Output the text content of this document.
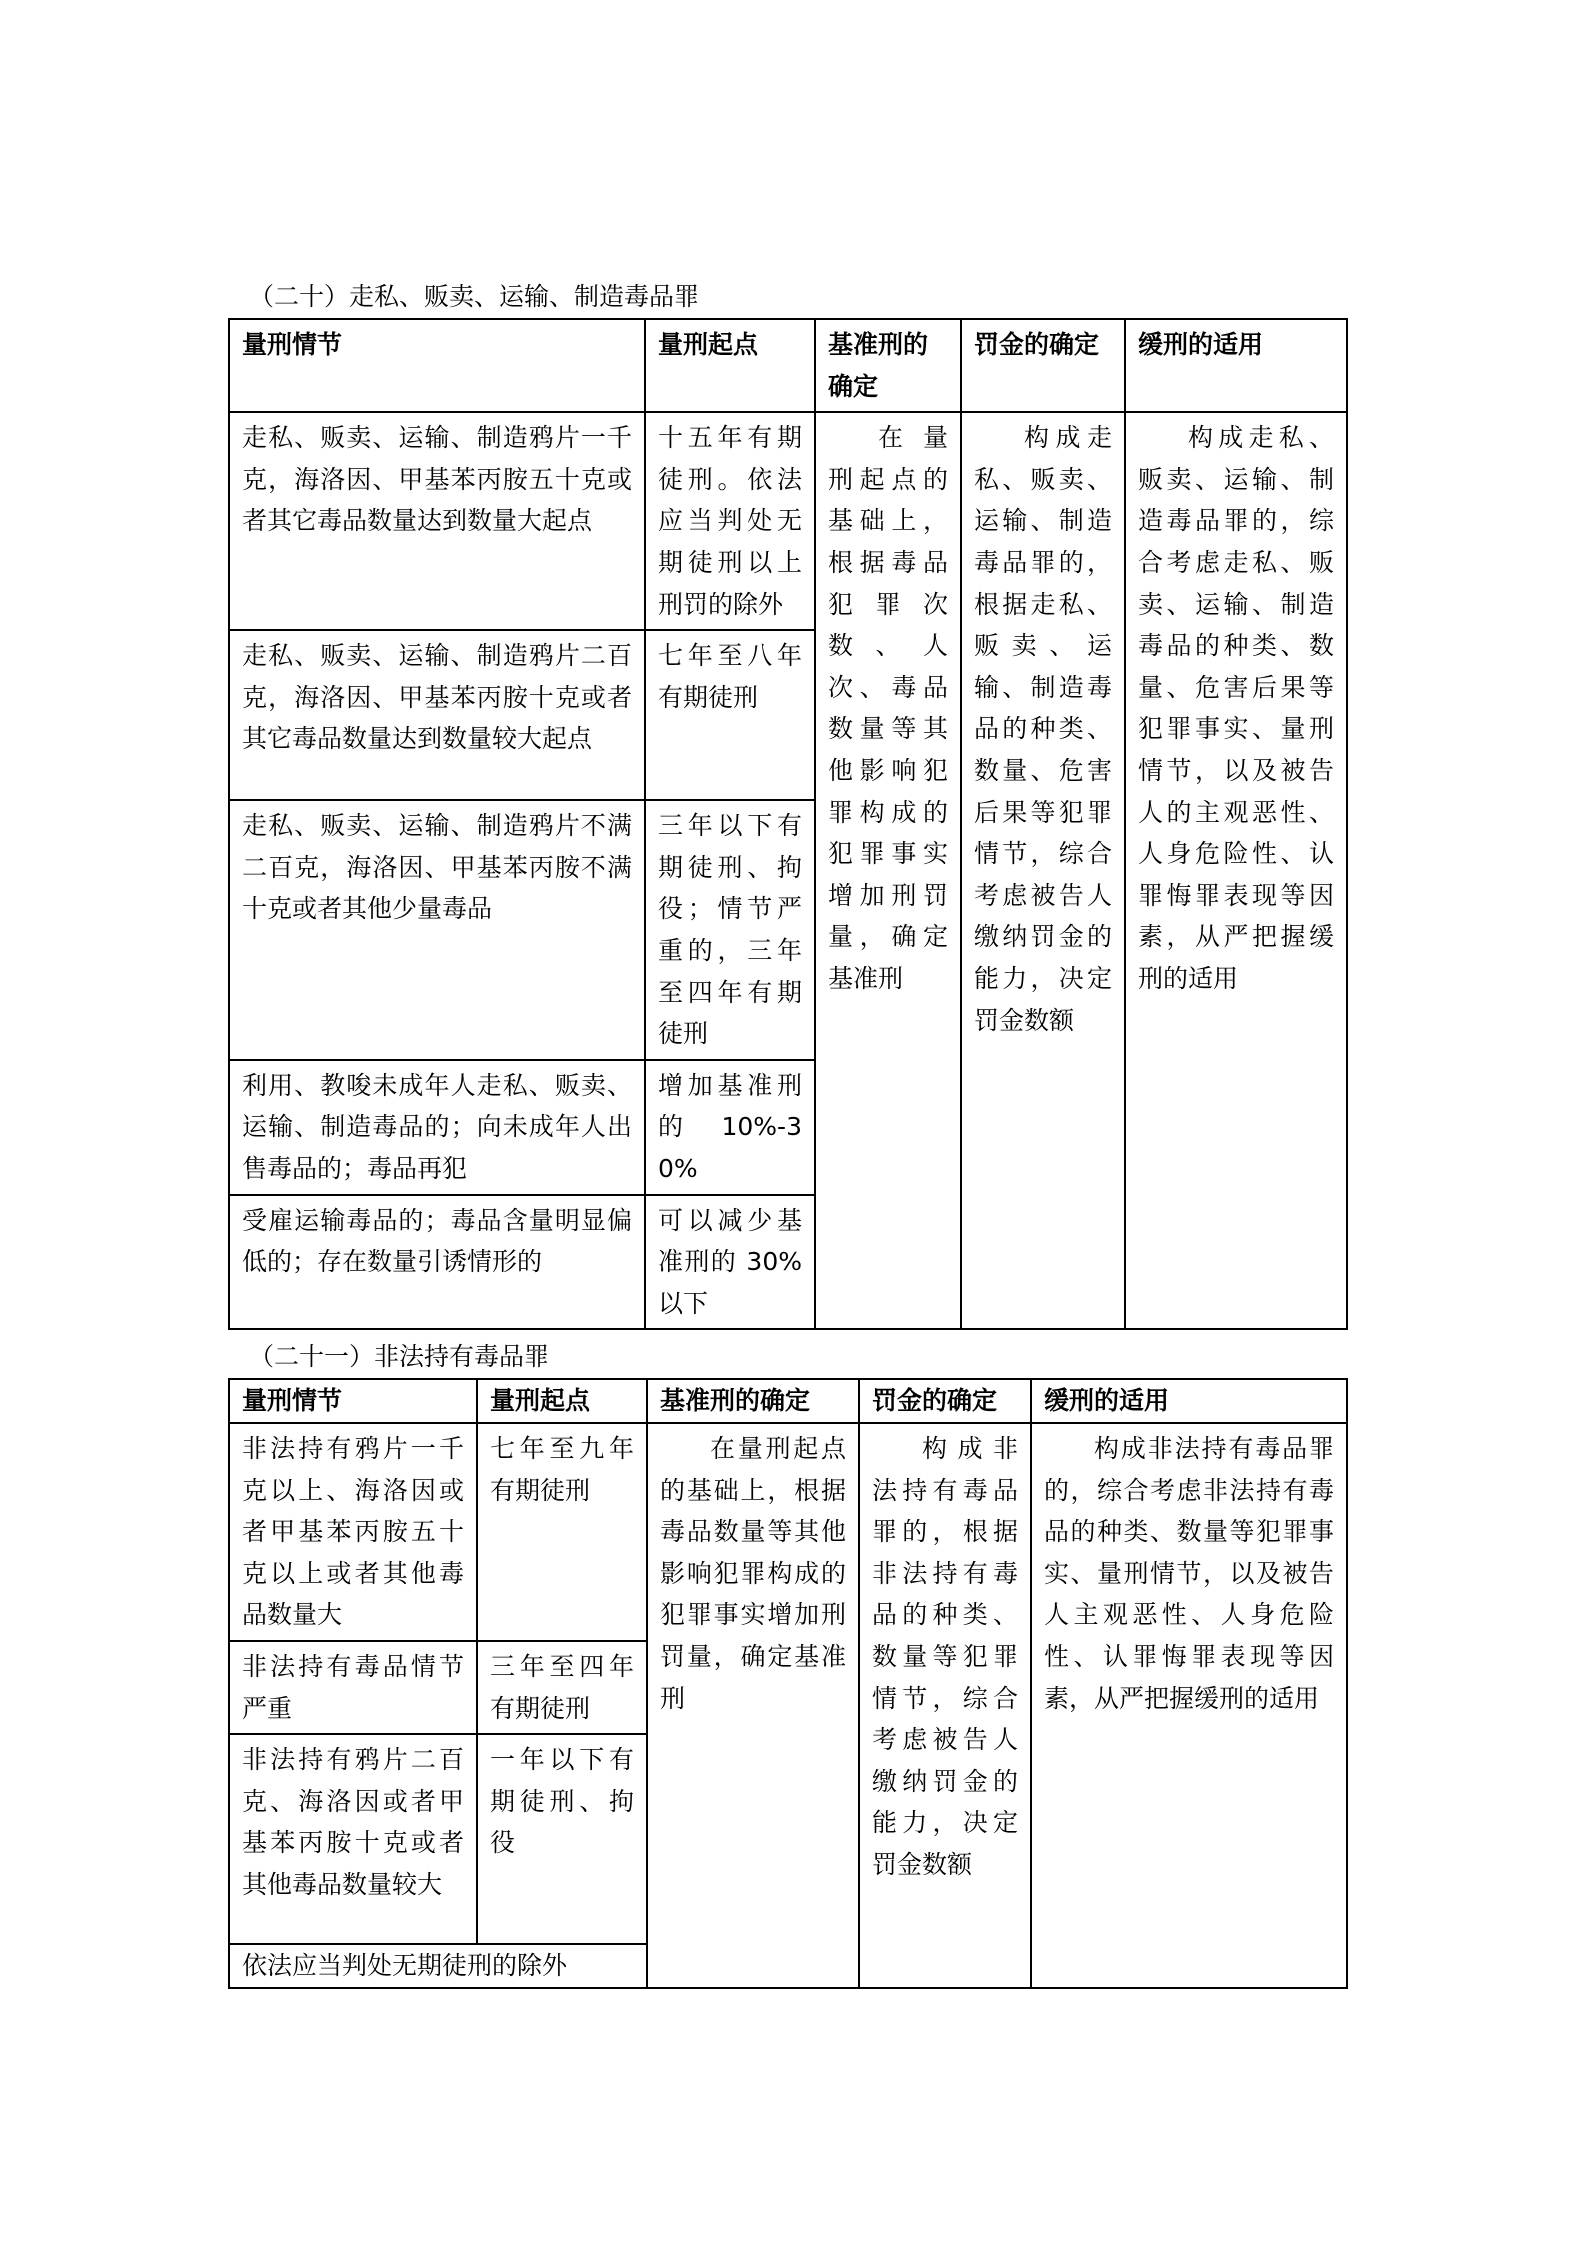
（二十）走私、贩卖、运输、制造毒品罪
量刑情节	量刑起点	基准刑的确定	罚金的确定	缓刑的适用
走私、贩卖、运输、制造鸦片一千克，海洛因、甲基苯丙胺五十克或者其它毒品数量达到数量大起点	十五年有期徒刑。依法应当判处无期徒刑以上刑罚的除外	在量刑起点的基础上，根据毒品犯罪次数、人次、毒品数量等其他影响犯罪构成的犯罪事实增加刑罚量，确定基准刑	构成走私、贩卖、运输、制造毒品罪的，根据走私、贩卖、运输、制造毒品的种类、数量、危害后果等犯罪情节，综合考虑被告人缴纳罚金的能力，决定罚金数额	构成走私、贩卖、运输、制造毒品罪的，综合考虑走私、贩卖、运输、制造毒品的种类、数量、危害后果等犯罪事实、量刑情节，以及被告人的主观恶性、人身危险性、认罪悔罪表现等因素，从严把握缓刑的适用
走私、贩卖、运输、制造鸦片二百克，海洛因、甲基苯丙胺十克或者其它毒品数量达到数量较大起点	七年至八年有期徒刑			
走私、贩卖、运输、制造鸦片不满二百克，海洛因、甲基苯丙胺不满十克或者其他少量毒品	三年以下有期徒刑、拘役；情节严重的，三年至四年有期徒刑			
利用、教唆未成年人走私、贩卖、运输、制造毒品的；向未成年人出售毒品的；毒品再犯	增加基准刑的 10%-30%			
受雇运输毒品的；毒品含量明显偏低的；存在数量引诱情形的	可以减少基准刑的 30%以下			
（二十一）非法持有毒品罪
量刑情节	量刑起点	基准刑的确定	罚金的确定	缓刑的适用
非法持有鸦片一千克以上、海洛因或者甲基苯丙胺五十克以上或者其他毒品数量大	七年至九年有期徒刑	在量刑起点的基础上，根据毒品数量等其他影响犯罪构成的犯罪事实增加刑罚量，确定基准刑	构成非法持有毒品罪的，根据非法持有毒品的种类、数量等犯罪情节，综合考虑被告人缴纳罚金的能力，决定罚金数额	构成非法持有毒品罪的，综合考虑非法持有毒品的种类、数量等犯罪事实、量刑情节，以及被告人主观恶性、人身危险性、认罪悔罪表现等因素，从严把握缓刑的适用
非法持有毒品情节严重	三年至四年有期徒刑			
非法持有鸦片二百克、海洛因或者甲基苯丙胺十克或者其他毒品数量较大	一年以下有期徒刑、拘役			
依法应当判处无期徒刑的除外				
